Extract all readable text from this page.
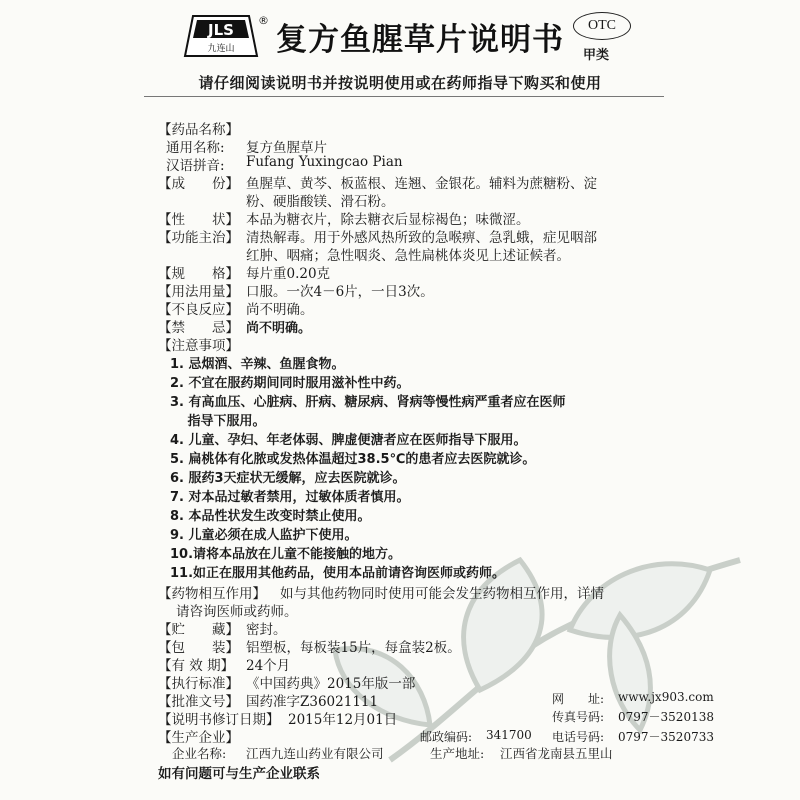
JLS
九连山
®
复方鱼腥草片说明书	OTC
甲类
请仔细阅读说明书并按说明使用或在药师指导下购买和使用
【药品名称】
通用名称: 复方鱼腥草片
汉语拼音: Fufang Yuxingcao Pian
【成　　份】 鱼腥草、黄芩、板蓝根、连翘、金银花。辅料为蔗糖粉、淀
粉、硬脂酸镁、滑石粉。
【性　　状】 本品为糖衣片，除去糖衣后显棕褐色；味微涩。
【功能主治】 清热解毒。用于外感风热所致的急喉痹、急乳蛾，症见咽部
红肿、咽痛；急性咽炎、急性扁桃体炎见上述证候者。
【规　　格】 每片重0.20克
【用法用量】 口服。一次4－6片，一日3次。
【不良反应】 尚不明确。
【禁　　忌】 尚不明确。
【注意事项】
1. 忌烟酒、辛辣、鱼腥食物。
2. 不宜在服药期间同时服用滋补性中药。
3. 有高血压、心脏病、肝病、糖尿病、肾病等慢性病严重者应在医师
　 指导下服用。
4. 儿童、孕妇、年老体弱、脾虚便溏者应在医师指导下服用。
5. 扁桃体有化脓或发热体温超过38.5℃的患者应去医院就诊。
6. 服药3天症状无缓解，应去医院就诊。
7. 对本品过敏者禁用，过敏体质者慎用。
8. 本品性状发生改变时禁止使用。
9. 儿童必须在成人监护下使用。
10.请将本品放在儿童不能接触的地方。
11.如正在服用其他药品，使用本品前请咨询医师或药师。
【药物相互作用】 如与其他药物同时使用可能会发生药物相互作用，详情
请咨询医师或药师。
【贮　　藏】 密封。
【包　　装】 铝塑板，每板装15片，每盒装2板。
【有 效 期】 24个月
【执行标准】 《中国药典》2015年版一部
【批准文号】 国药准字Z36021111
【说明书修订日期】 2015年12月01日
【生产企业】
企业名称: 江西九连山药业有限公司	生产地址: 江西省龙南县五里山
邮政编码: 341700 电话号码: 0797－3520733
传真号码: 0797－3520138
网　　址: www.jx903.com
如有问题可与生产企业联系
